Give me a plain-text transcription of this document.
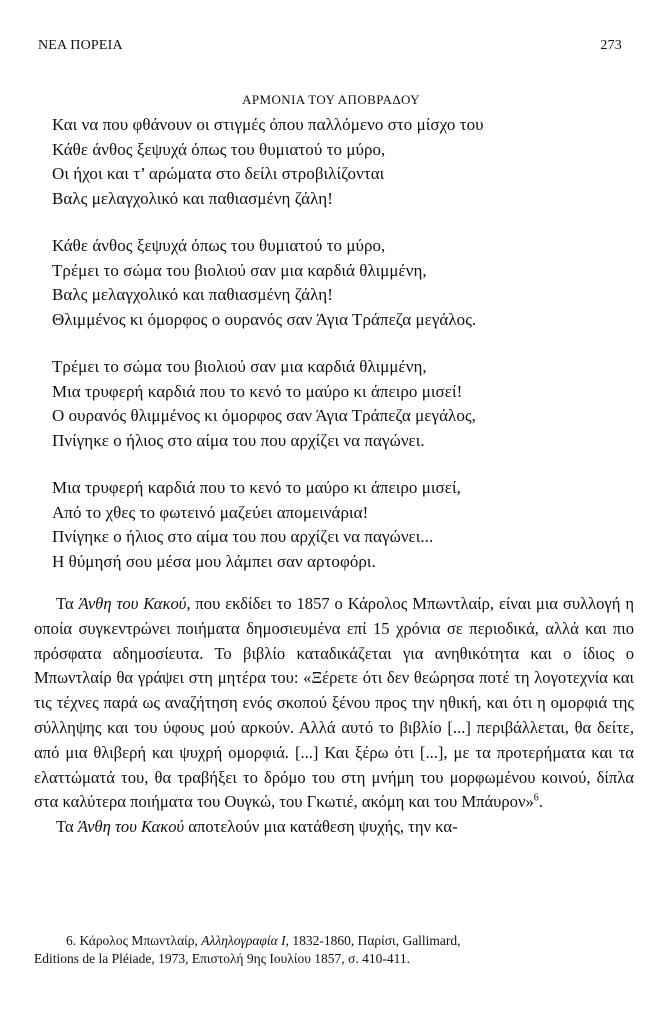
ΝΕΑ ΠΟΡΕΙΑ	273
ΑΡΜΟΝΙΑ ΤΟΥ ΑΠΟΒΡΑΔΟΥ
Και να που φθάνουν οι στιγμές όπου παλλόμενο στο μίσχο του
Κάθε άνθος ξεψυχά όπως του θυμιατού το μύρο,
Οι ήχοι και τ’ αρώματα στο δείλι στροβιλίζονται
Βαλς μελαγχολικό και παθιασμένη ζάλη!
Κάθε άνθος ξεψυχά όπως του θυμιατού το μύρο,
Τρέμει το σώμα του βιολιού σαν μια καρδιά θλιμμένη,
Βαλς μελαγχολικό και παθιασμένη ζάλη!
Θλιμμένος κι όμορφος ο ουρανός σαν Άγια Τράπεζα μεγάλος.
Τρέμει το σώμα του βιολιού σαν μια καρδιά θλιμμένη,
Μια τρυφερή καρδιά που το κενό το μαύρο κι άπειρο μισεί!
Ο ουρανός θλιμμένος κι όμορφος σαν Άγια Τράπεζα μεγάλος,
Πνίγηκε ο ήλιος στο αίμα του που αρχίζει να παγώνει.
Μια τρυφερή καρδιά που το κενό το μαύρο κι άπειρο μισεί,
Από το χθες το φωτεινό μαζεύει απομεινάρια!
Πνίγηκε ο ήλιος στο αίμα του που αρχίζει να παγώνει...
Η θύμησή σου μέσα μου λάμπει σαν αρτοφόρι.

Τα Άνθη του Κακού, που εκδίδει το 1857 ο Κάρολος Μπωντλαίρ, είναι μια συλλογή η οποία συγκεντρώνει ποιήματα δημοσιευμένα επί 15 χρόνια σε περιοδικά, αλλά και πιο πρόσφατα αδημοσίευτα. Το βιβλίο καταδικάζεται για ανηθικότητα και ο ίδιος ο Μπωντλαίρ θα γράψει στη μητέρα του: «Ξέρετε ότι δεν θεώρησα ποτέ τη λογοτεχνία και τις τέχνες παρά ως αναζήτηση ενός σκοπού ξένου προς την ηθική, και ότι η ομορφιά της σύλληψης και του ύφους μού αρκούν. Αλλά αυτό το βιβλίο [...] περιβάλλεται, θα δείτε, από μια θλιβερή και ψυχρή ομορφιά. [...] Και ξέρω ότι [...], με τα προτερήματα και τα ελαττώματά του, θα τραβήξει το δρόμο του στη μνήμη του μορφωμένου κοινού, δίπλα στα καλύτερα ποιήματα του Ουγκώ, του Γκωτιέ, ακόμη και του Μπάυρον»$^6$.

Τα Άνθη του Κακού αποτελούν μια κατάθεση ψυχής, την κα-

6. Κάρολος Μπωντλαίρ, Αλληλογραφία Ι, 1832-1860, Παρίσι, Gallimard,
Editions de la Pléiade, 1973, Επιστολή 9ης Ιουλίου 1857, σ. 410-411.
